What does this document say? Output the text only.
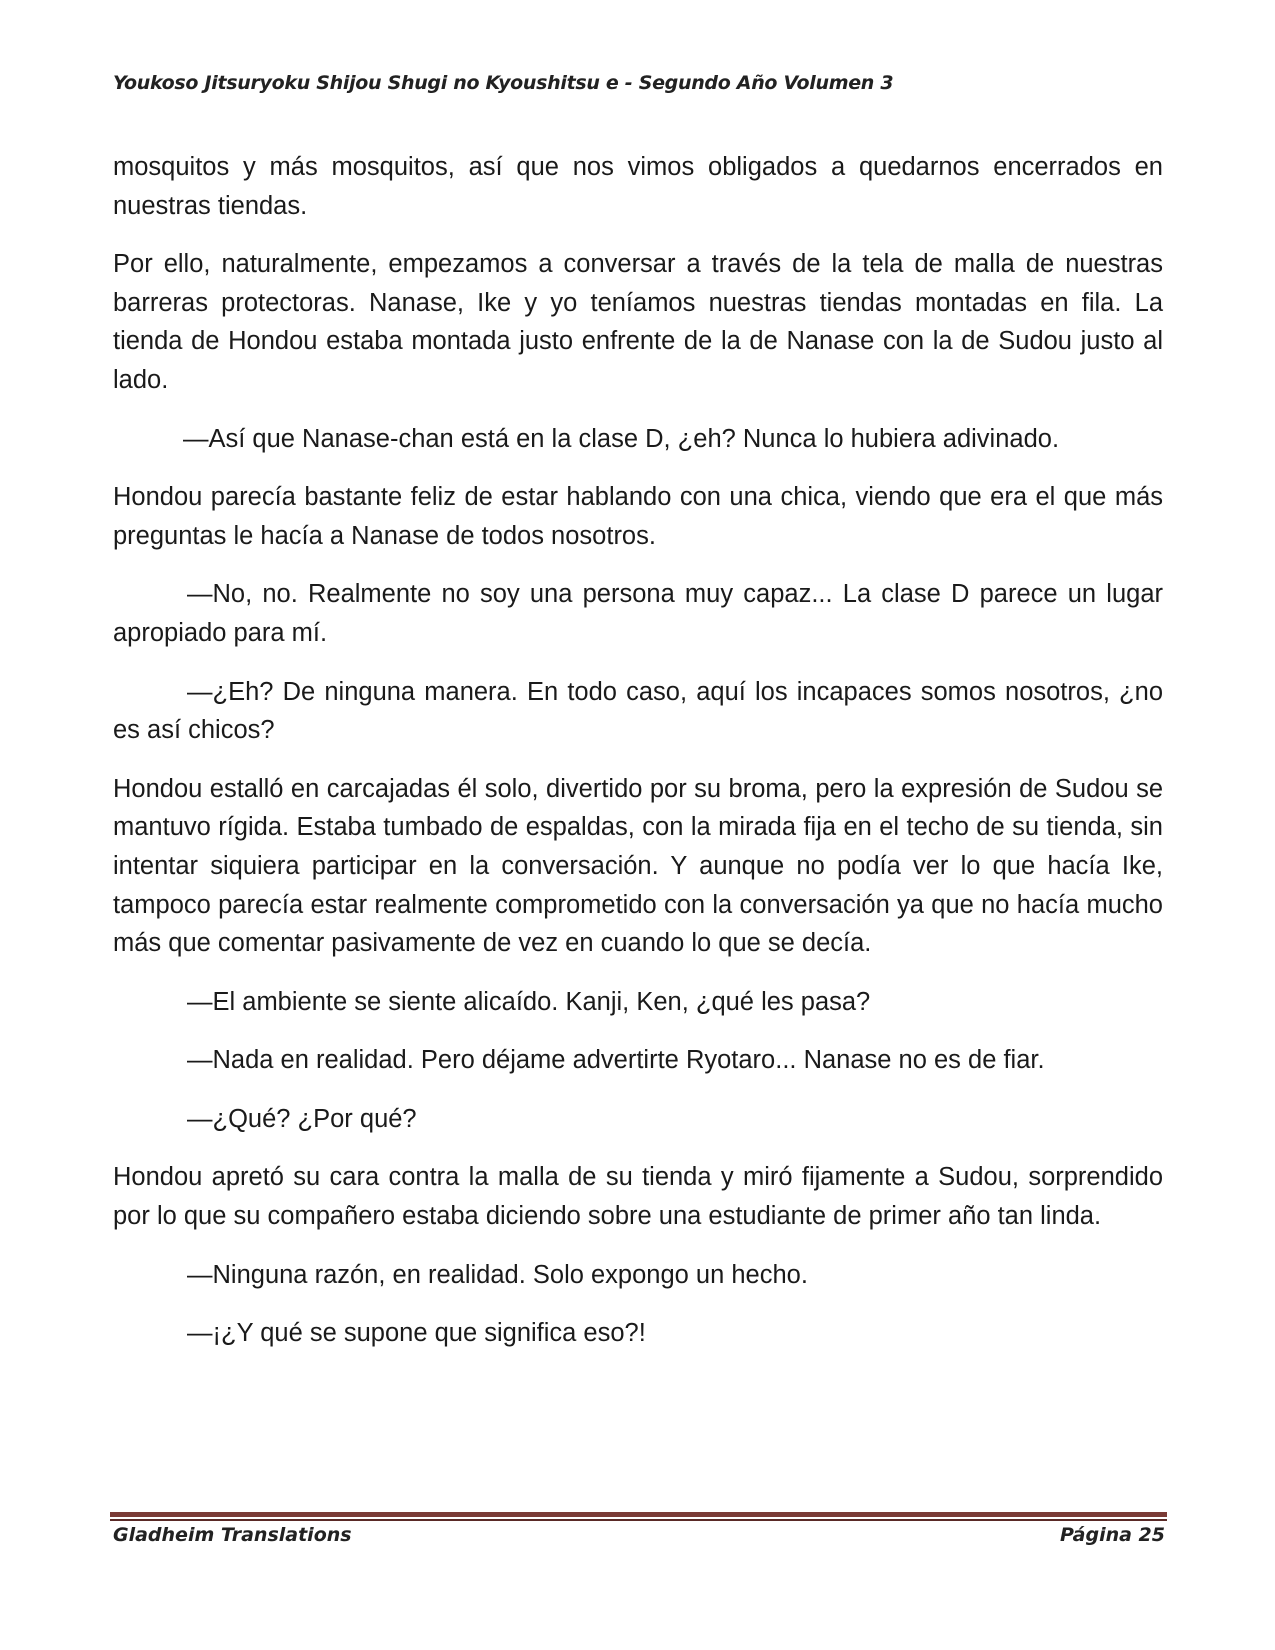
Youkoso Jitsuryoku Shijou Shugi no Kyoushitsu e - Segundo Año Volumen 3

mosquitos y más mosquitos, así que nos vimos obligados a quedarnos encerrados en nuestras tiendas.

Por ello, naturalmente, empezamos a conversar a través de la tela de malla de nuestras barreras protectoras. Nanase, Ike y yo teníamos nuestras tiendas montadas en fila. La tienda de Hondou estaba montada justo enfrente de la de Nanase con la de Sudou justo al lado.

—Así que Nanase-chan está en la clase D, ¿eh? Nunca lo hubiera adivinado.

Hondou parecía bastante feliz de estar hablando con una chica, viendo que era el que más preguntas le hacía a Nanase de todos nosotros.

—No, no. Realmente no soy una persona muy capaz... La clase D parece un lugar apropiado para mí.

—¿Eh? De ninguna manera. En todo caso, aquí los incapaces somos nosotros, ¿no es así chicos?

Hondou estalló en carcajadas él solo, divertido por su broma, pero la expresión de Sudou se mantuvo rígida. Estaba tumbado de espaldas, con la mirada fija en el techo de su tienda, sin intentar siquiera participar en la conversación. Y aunque no podía ver lo que hacía Ike, tampoco parecía estar realmente comprometido con la conversación ya que no hacía mucho más que comentar pasivamente de vez en cuando lo que se decía.

—El ambiente se siente alicaído. Kanji, Ken, ¿qué les pasa?

—Nada en realidad. Pero déjame advertirte Ryotaro... Nanase no es de fiar.

—¿Qué? ¿Por qué?

Hondou apretó su cara contra la malla de su tienda y miró fijamente a Sudou, sorprendido por lo que su compañero estaba diciendo sobre una estudiante de primer año tan linda.

—Ninguna razón, en realidad. Solo expongo un hecho.

—¡¿Y qué se supone que significa eso?!

Gladheim Translations	Página 25
